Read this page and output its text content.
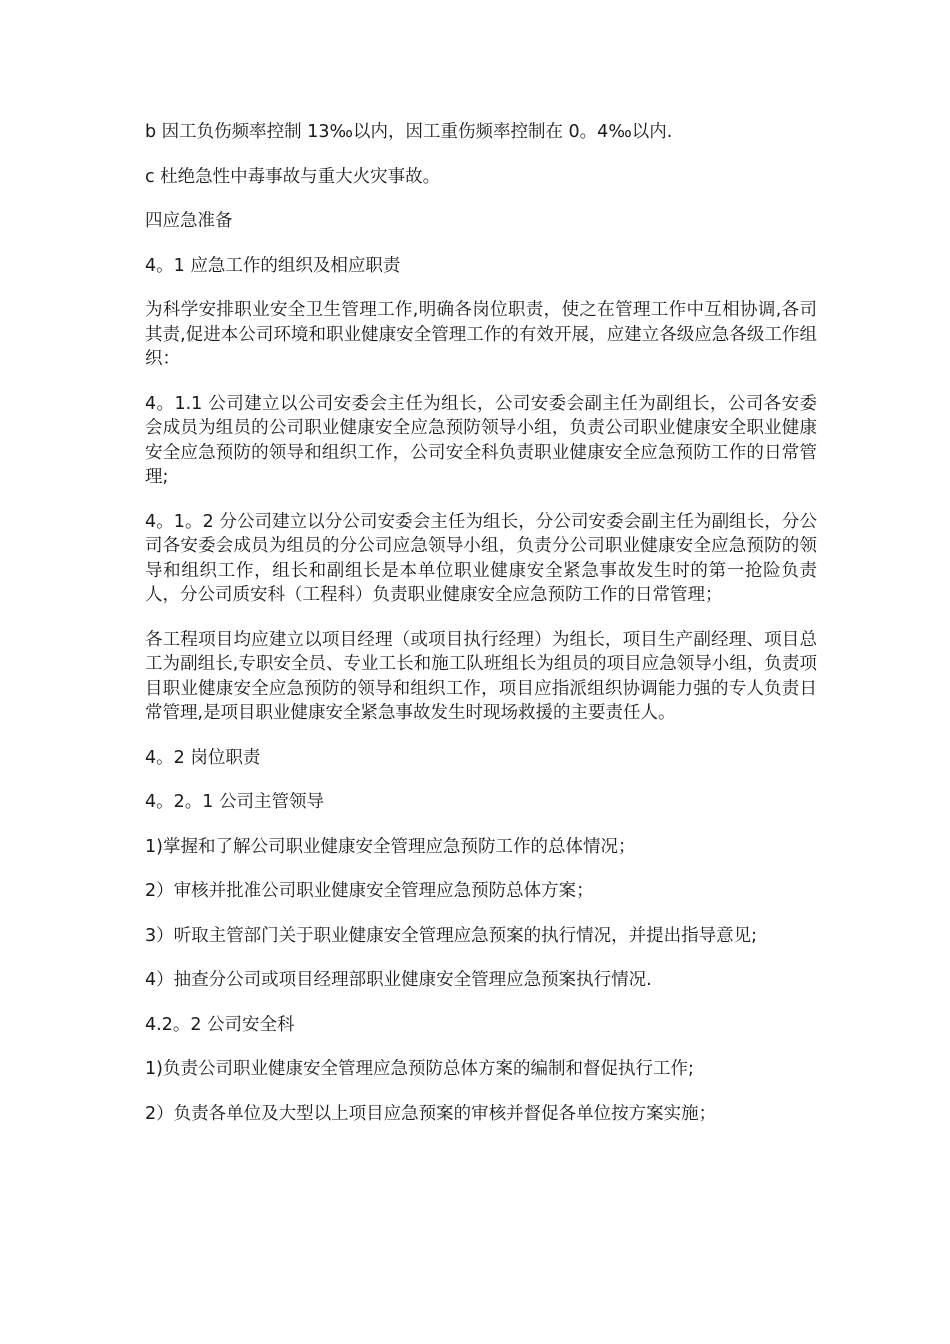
b 因工负伤频率控制 13‰以内，因工重伤频率控制在 0。4‰以内.

c 杜绝急性中毒事故与重大火灾事故。

四应急准备

4。1 应急工作的组织及相应职责

为科学安排职业安全卫生管理工作,明确各岗位职责，使之在管理工作中互相协调,各司其责,促进本公司环境和职业健康安全管理工作的有效开展，应建立各级应急各级工作组织：

4。1.1 公司建立以公司安委会主任为组长，公司安委会副主任为副组长，公司各安委会成员为组员的公司职业健康安全应急预防领导小组，负责公司职业健康安全职业健康安全应急预防的领导和组织工作，公司安全科负责职业健康安全应急预防工作的日常管理;

4。1。2 分公司建立以分公司安委会主任为组长，分公司安委会副主任为副组长，分公司各安委会成员为组员的分公司应急领导小组，负责分公司职业健康安全应急预防的领导和组织工作，组长和副组长是本单位职业健康安全紧急事故发生时的第一抢险负责人，分公司质安科（工程科）负责职业健康安全应急预防工作的日常管理；

各工程项目均应建立以项目经理（或项目执行经理）为组长，项目生产副经理、项目总工为副组长,专职安全员、专业工长和施工队班组长为组员的项目应急领导小组，负责项目职业健康安全应急预防的领导和组织工作，项目应指派组织协调能力强的专人负责日常管理,是项目职业健康安全紧急事故发生时现场救援的主要责任人。

4。2 岗位职责

4。2。1 公司主管领导

1)掌握和了解公司职业健康安全管理应急预防工作的总体情况；

2）审核并批准公司职业健康安全管理应急预防总体方案；

3）听取主管部门关于职业健康安全管理应急预案的执行情况，并提出指导意见;

4）抽查分公司或项目经理部职业健康安全管理应急预案执行情况.

4.2。2 公司安全科

1)负责公司职业健康安全管理应急预防总体方案的编制和督促执行工作;

2）负责各单位及大型以上项目应急预案的审核并督促各单位按方案实施；
